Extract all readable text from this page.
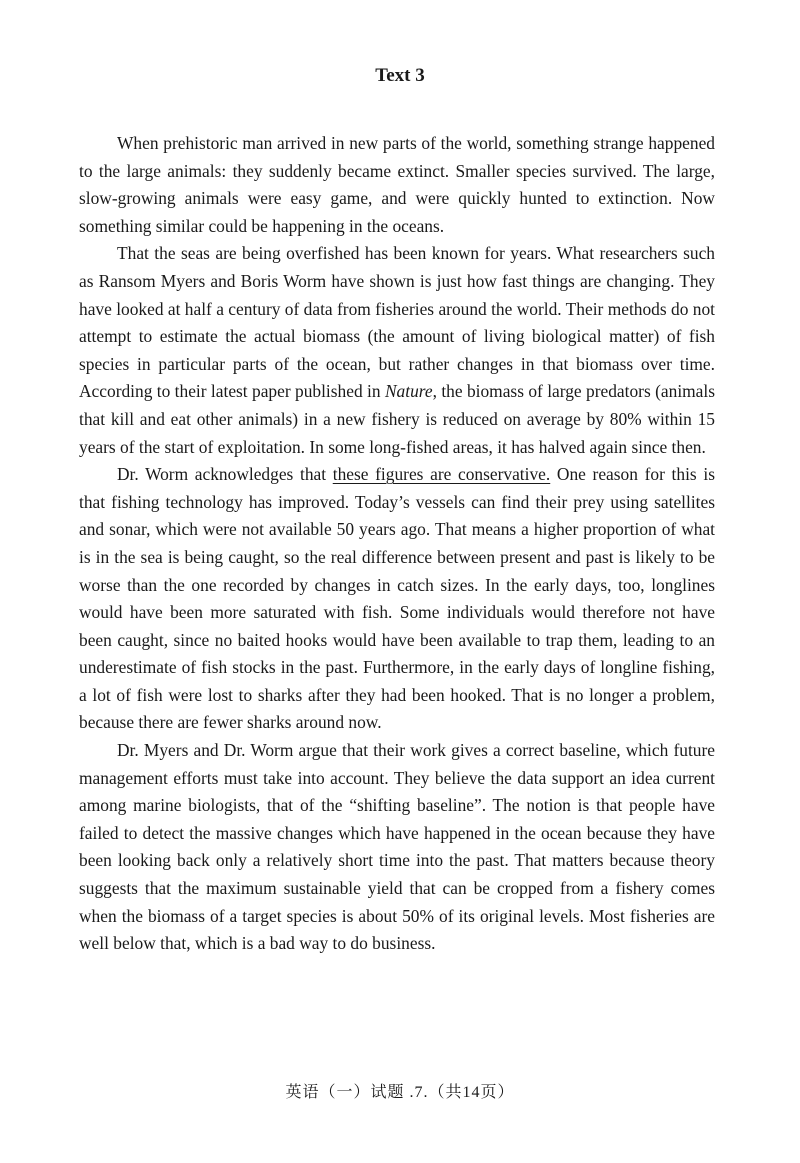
Text 3

When prehistoric man arrived in new parts of the world, something strange happened to the large animals: they suddenly became extinct. Smaller species survived. The large, slow-growing animals were easy game, and were quickly hunted to extinction. Now something similar could be happening in the oceans.

That the seas are being overfished has been known for years. What researchers such as Ransom Myers and Boris Worm have shown is just how fast things are changing. They have looked at half a century of data from fisheries around the world. Their methods do not attempt to estimate the actual biomass (the amount of living biological matter) of fish species in particular parts of the ocean, but rather changes in that biomass over time. According to their latest paper published in Nature, the biomass of large predators (animals that kill and eat other animals) in a new fishery is reduced on average by 80% within 15 years of the start of exploitation. In some long-fished areas, it has halved again since then.

Dr. Worm acknowledges that these figures are conservative. One reason for this is that fishing technology has improved. Today’s vessels can find their prey using satellites and sonar, which were not available 50 years ago. That means a higher proportion of what is in the sea is being caught, so the real difference between present and past is likely to be worse than the one recorded by changes in catch sizes. In the early days, too, longlines would have been more saturated with fish. Some individuals would therefore not have been caught, since no baited hooks would have been available to trap them, leading to an underestimate of fish stocks in the past. Furthermore, in the early days of longline fishing, a lot of fish were lost to sharks after they had been hooked. That is no longer a problem, because there are fewer sharks around now.

Dr. Myers and Dr. Worm argue that their work gives a correct baseline, which future management efforts must take into account. They believe the data support an idea current among marine biologists, that of the “shifting baseline”. The notion is that people have failed to detect the massive changes which have happened in the ocean because they have been looking back only a relatively short time into the past. That matters because theory suggests that the maximum sustainable yield that can be cropped from a fishery comes when the biomass of a target species is about 50% of its original levels. Most fisheries are well below that, which is a bad way to do business.

英语（一）试题 .7.（共14页）
